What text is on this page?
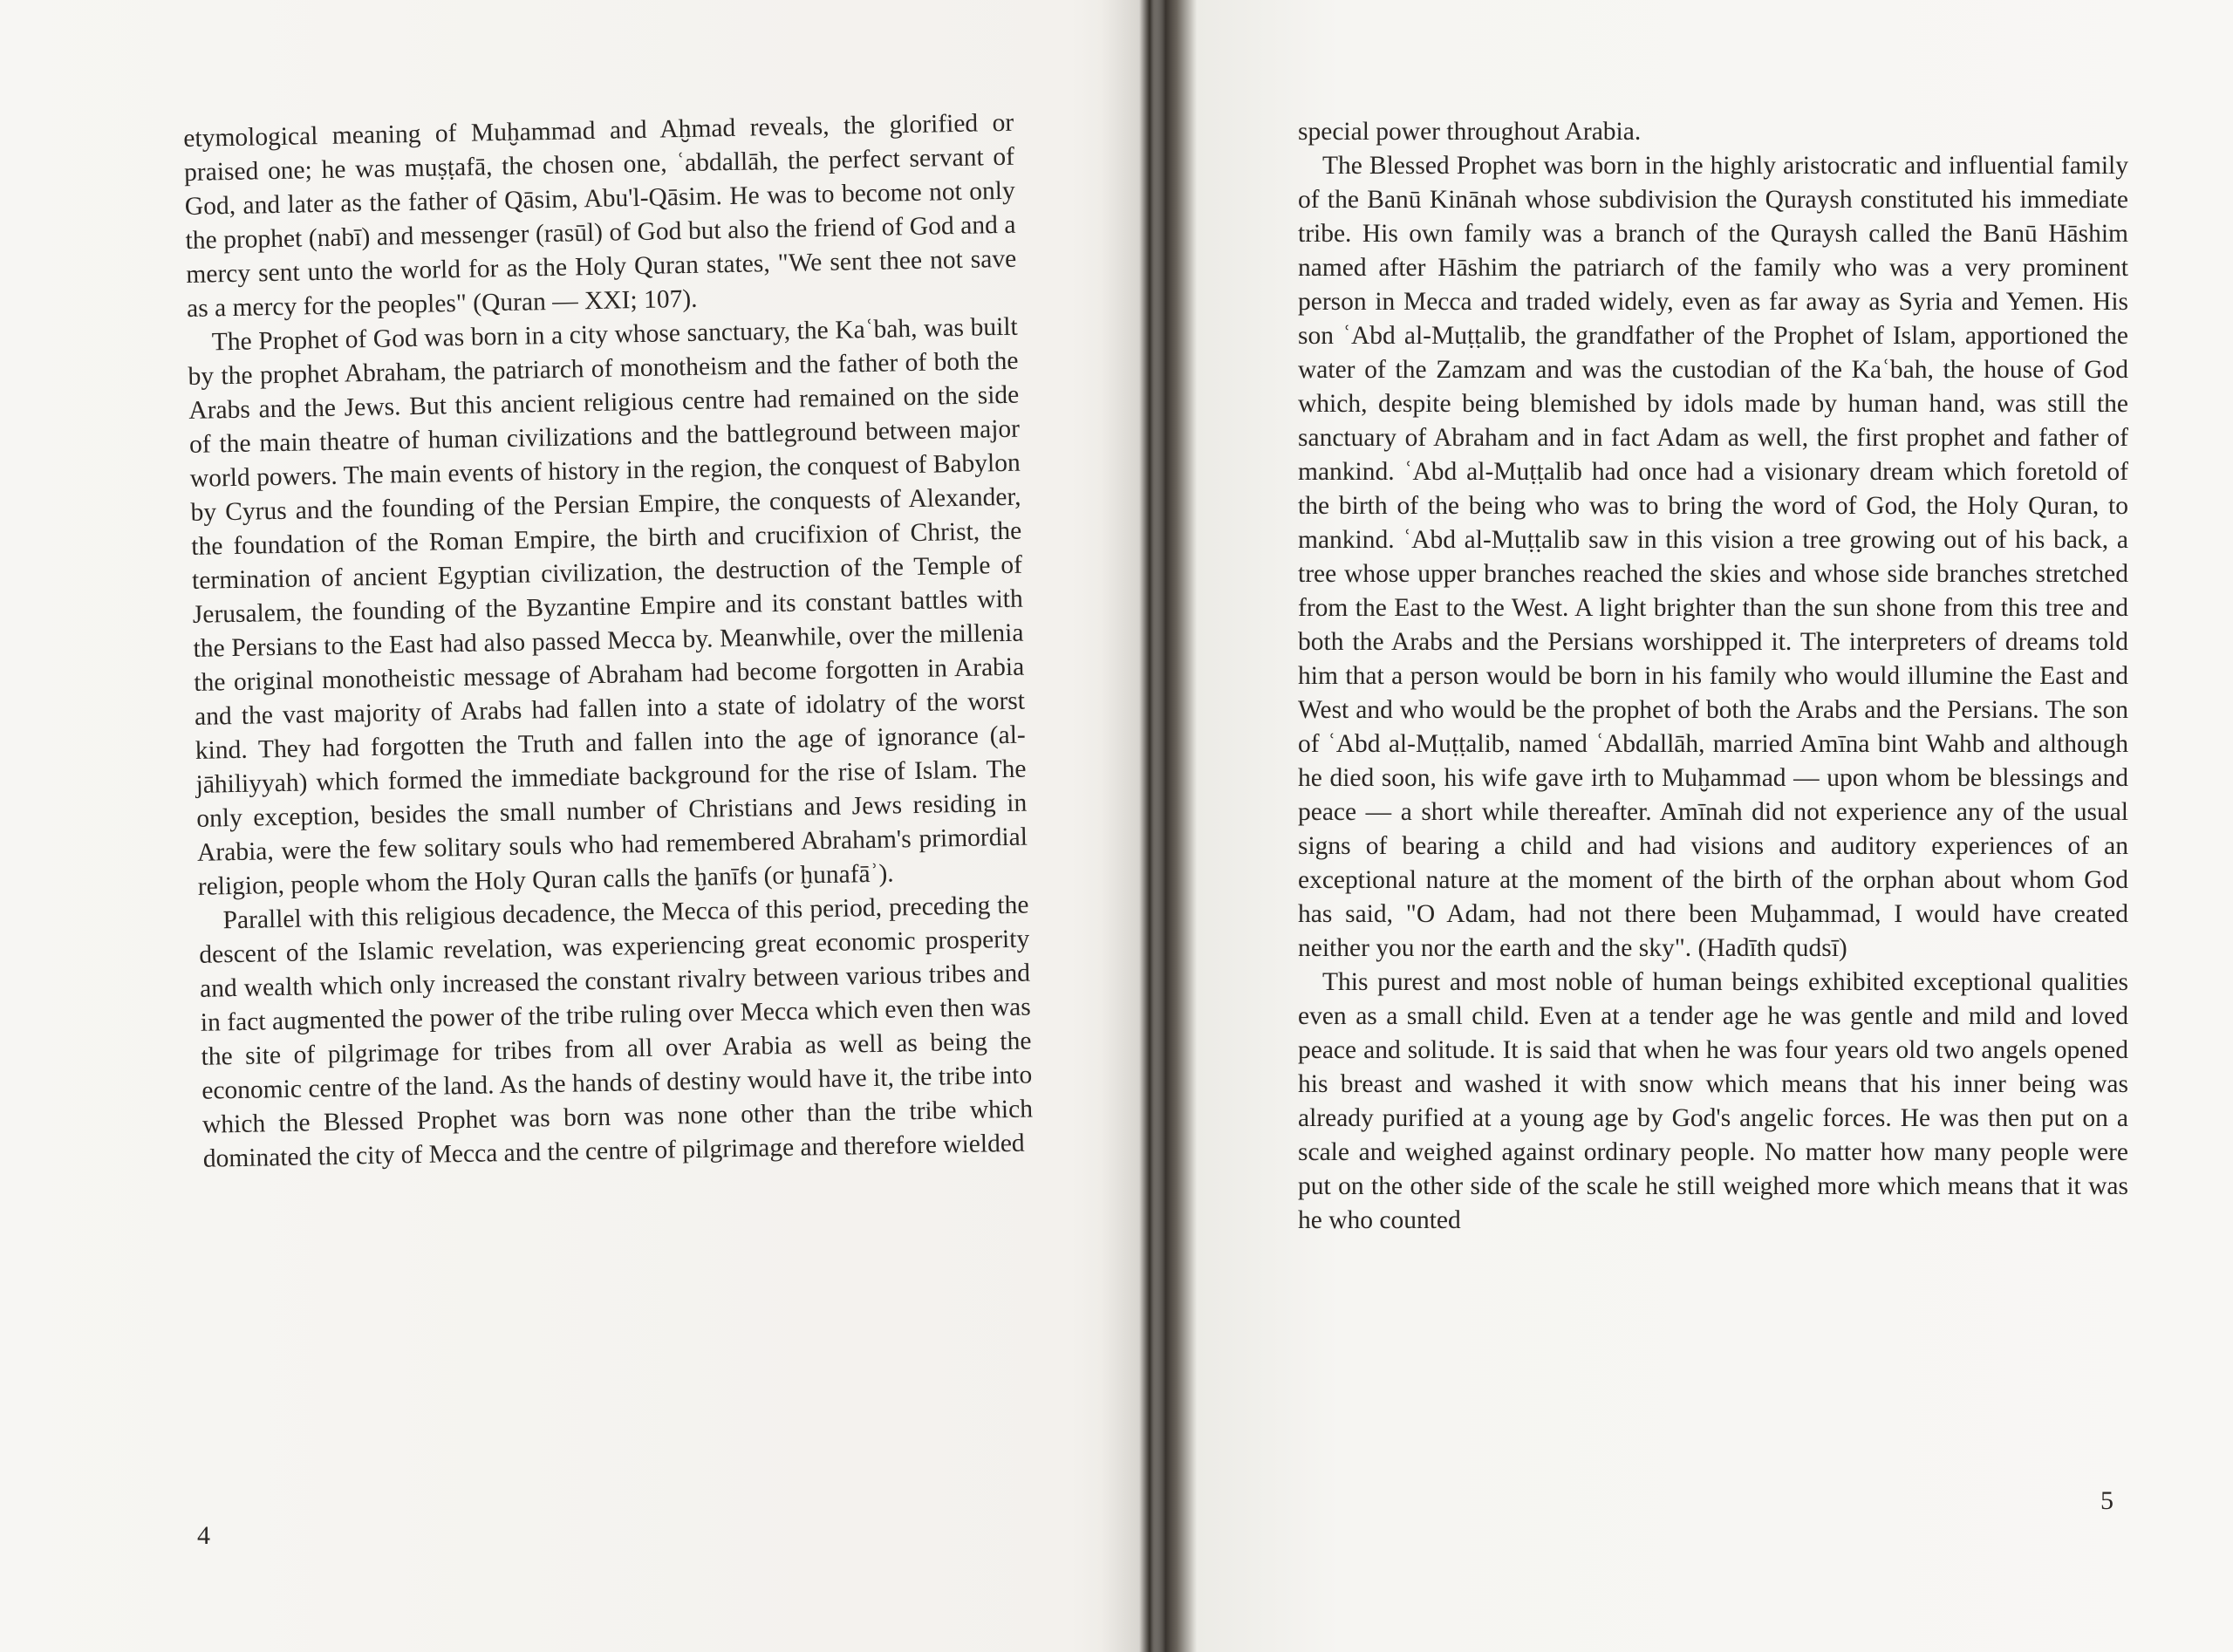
etymological meaning of Muḫammad and Aḫmad reveals, the glorified or praised one; he was muṣṭafā, the chosen one, ʿabdallāh, the perfect servant of God, and later as the father of Qāsim, Abu'l-Qāsim. He was to become not only the prophet (nabī) and messenger (rasūl) of God but also the friend of God and a mercy sent unto the world for as the Holy Quran states, "We sent thee not save as a mercy for the peoples" (Quran — XXI; 107).

The Prophet of God was born in a city whose sanctuary, the Kaʿbah, was built by the prophet Abraham, the patriarch of monotheism and the father of both the Arabs and the Jews. But this ancient religious centre had remained on the side of the main theatre of human civilizations and the battleground between major world powers. The main events of history in the region, the conquest of Babylon by Cyrus and the founding of the Persian Empire, the conquests of Alexander, the foundation of the Roman Empire, the birth and crucifixion of Christ, the termination of ancient Egyptian civilization, the destruction of the Temple of Jerusalem, the founding of the Byzantine Empire and its constant battles with the Persians to the East had also passed Mecca by. Meanwhile, over the millenia the original monotheistic message of Abraham had become forgotten in Arabia and the vast majority of Arabs had fallen into a state of idolatry of the worst kind. They had forgotten the Truth and fallen into the age of ignorance (al-jāhiliyyah) which formed the immediate background for the rise of Islam. The only exception, besides the small number of Christians and Jews residing in Arabia, were the few solitary souls who had remembered Abraham's primordial religion, people whom the Holy Quran calls the ḫanīfs (or ḫunafāʾ).

Parallel with this religious decadence, the Mecca of this period, preceding the descent of the Islamic revelation, was experiencing great economic prosperity and wealth which only increased the constant rivalry between various tribes and in fact augmented the power of the tribe ruling over Mecca which even then was the site of pilgrimage for tribes from all over Arabia as well as being the economic centre of the land. As the hands of destiny would have it, the tribe into which the Blessed Prophet was born was none other than the tribe which dominated the city of Mecca and the centre of pilgrimage and therefore wielded

4

special power throughout Arabia.

The Blessed Prophet was born in the highly aristocratic and influential family of the Banū Kinānah whose subdivision the Quraysh constituted his immediate tribe. His own family was a branch of the Quraysh called the Banū Hāshim named after Hāshim the patriarch of the family who was a very prominent person in Mecca and traded widely, even as far away as Syria and Yemen. His son ʿAbd al-Muṭṭalib, the grandfather of the Prophet of Islam, apportioned the water of the Zamzam and was the custodian of the Kaʿbah, the house of God which, despite being blemished by idols made by human hand, was still the sanctuary of Abraham and in fact Adam as well, the first prophet and father of mankind. ʿAbd al-Muṭṭalib had once had a visionary dream which foretold of the birth of the being who was to bring the word of God, the Holy Quran, to mankind. ʿAbd al-Muṭṭalib saw in this vision a tree growing out of his back, a tree whose upper branches reached the skies and whose side branches stretched from the East to the West. A light brighter than the sun shone from this tree and both the Arabs and the Persians worshipped it. The interpreters of dreams told him that a person would be born in his family who would illumine the East and West and who would be the prophet of both the Arabs and the Persians. The son of ʿAbd al-Muṭṭalib, named ʿAbdallāh, married Amīna bint Wahb and although he died soon, his wife gave irth to Muḫammad — upon whom be blessings and peace — a short while thereafter. Amīnah did not experience any of the usual signs of bearing a child and had visions and auditory experiences of an exceptional nature at the moment of the birth of the orphan about whom God has said, "O Adam, had not there been Muḫammad, I would have created neither you nor the earth and the sky". (Hadīth qudsī)

This purest and most noble of human beings exhibited exceptional qualities even as a small child. Even at a tender age he was gentle and mild and loved peace and solitude. It is said that when he was four years old two angels opened his breast and washed it with snow which means that his inner being was already purified at a young age by God's angelic forces. He was then put on a scale and weighed against ordinary people. No matter how many people were put on the other side of the scale he still weighed more which means that it was he who counted

5
